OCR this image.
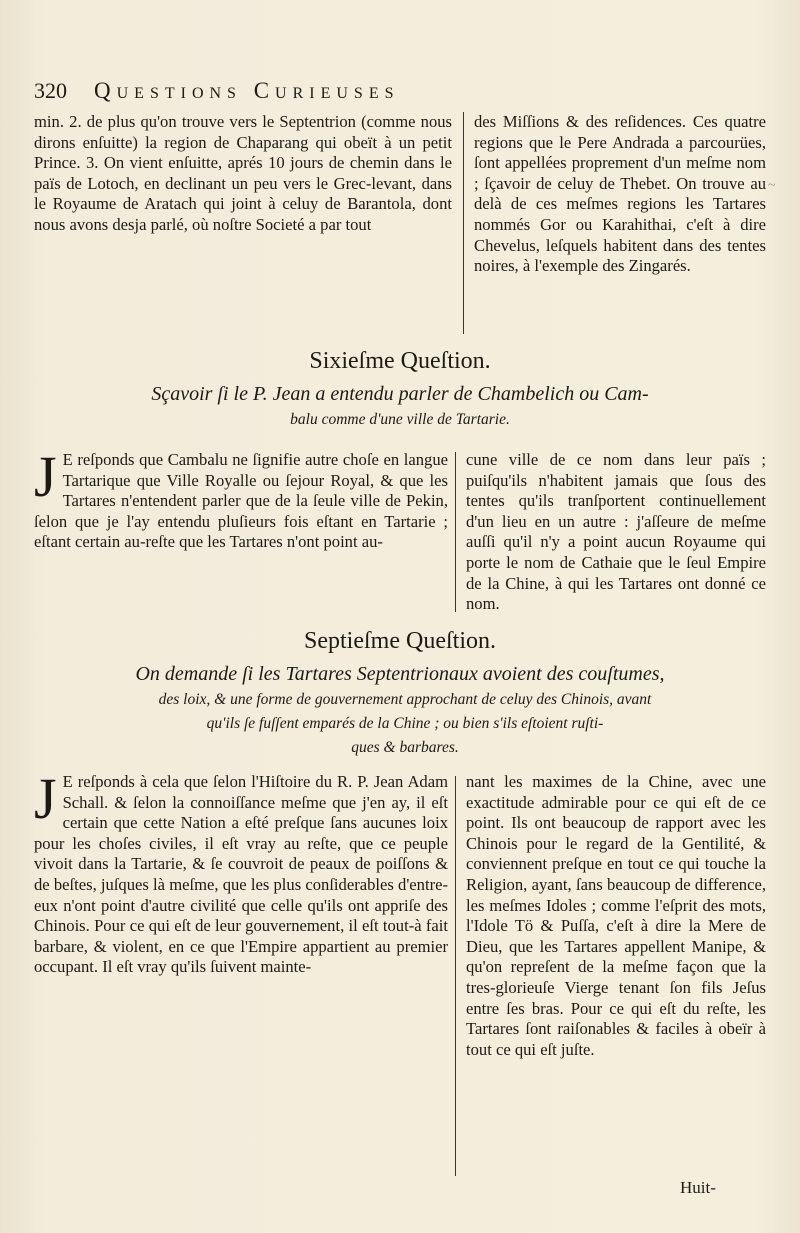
320 Questions Curieuses

min. 2. de plus qu'on trouve vers le Septentrion (comme nous dirons enſuitte) la region de Chaparang qui obeït à un petit Prince. 3. On vient enſuitte, aprés 10 jours de chemin dans le païs de Lotoch, en declinant un peu vers le Grec-levant, dans le Royaume de Aratach qui joint à celuy de Barantola, dont nous avons desja parlé, où noſtre Societé a par tout

des Miſſions & des reſidences. Ces quatre regions que le Pere Andrada a parcourües, ſont appellées proprement d'un meſme nom ; ſçavoir de celuy de Thebet. On trouve au delà de ces meſmes regions les Tartares nommés Gor ou Karahithai, c'eſt à dire Chevelus, leſquels habitent dans des tentes noires, à l'exemple des Zingarés.

~
Sixieſme Queſtion.
Sçavoir ſi le P. Jean a entendu parler de Chambelich ou Cam-
balu comme d'une ville de Tartarie.
J E reſponds que Cambalu ne ſignifie autre choſe en langue Tartarique que Ville Royalle ou ſejour Royal, & que les Tartares n'entendent parler que de la ſeule ville de Pekin, ſelon que je l'ay entendu pluſieurs fois eſtant en Tartarie ; eſtant certain au-reſte que les Tartares n'ont point au-

cune ville de ce nom dans leur païs ; puiſqu'ils n'habitent jamais que ſous des tentes qu'ils tranſportent continuellement d'un lieu en un autre : j'aſſeure de meſme auſſi qu'il n'y a point aucun Royaume qui porte le nom de Cathaie que le ſeul Empire de la Chine, à qui les Tartares ont donné ce nom.

Septieſme Queſtion.
On demande ſi les Tartares Septentrionaux avoient des couſtumes,
des loix, & une forme de gouvernement approchant de celuy des Chinois, avant
qu'ils ſe fuſſent emparés de la Chine ; ou bien s'ils eſtoient ruſti-
ques & barbares.
J E reſponds à cela que ſelon l'Hiſtoire du R. P. Jean Adam Schall. & ſelon la connoiſſance meſme que j'en ay, il eſt certain que cette Nation a eſté preſque ſans aucunes loix pour les choſes civiles, il eſt vray au reſte, que ce peuple vivoit dans la Tartarie, & ſe couvroit de peaux de poiſſons & de beſtes, juſques là meſme, que les plus conſiderables d'entre-eux n'ont point d'autre civilité que celle qu'ils ont appriſe des Chinois. Pour ce qui eſt de leur gouvernement, il eſt tout-à fait barbare, & violent, en ce que l'Empire appartient au premier occupant. Il eſt vray qu'ils ſuivent mainte-

nant les maximes de la Chine, avec une exactitude admirable pour ce qui eſt de ce point. Ils ont beaucoup de rapport avec les Chinois pour le regard de la Gentilité, & conviennent preſque en tout ce qui touche la Religion, ayant, ſans beaucoup de difference, les meſmes Idoles ; comme l'eſprit des mots, l'Idole Tö & Puſſa, c'eſt à dire la Mere de Dieu, que les Tartares appellent Manipe, & qu'on repreſent de la meſme façon que la tres-glorieuſe Vierge tenant ſon fils Jeſus entre ſes bras. Pour ce qui eſt du reſte, les Tartares ſont raiſonables & faciles à obeïr à tout ce qui eſt juſte.

Huit-
